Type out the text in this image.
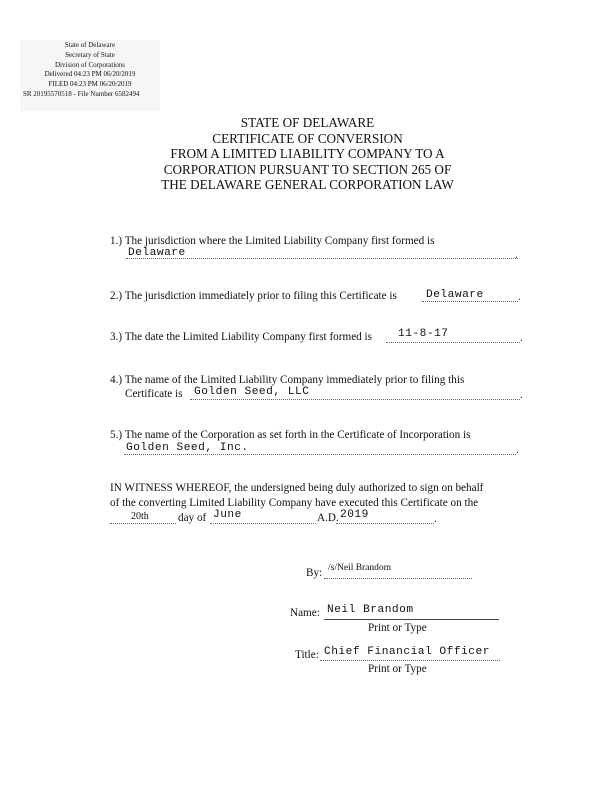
State of Delaware
Secretary of State
Division of Corporations
Delivered 04:23 PM 06/20/2019
FILED 04:23 PM 06/20/2019
SR 20195570518 - File Number 6582494
STATE OF DELAWARE
CERTIFICATE OF CONVERSION
FROM A LIMITED LIABILITY COMPANY TO A
CORPORATION PURSUANT TO SECTION 265 OF
THE DELAWARE GENERAL CORPORATION LAW
1.) The jurisdiction where the Limited Liability Company first formed is
Delaware	.
2.) The jurisdiction immediately prior to filing this Certificate is	Delaware	.
3.) The date the Limited Liability Company first formed is 11-8-17	.
4.) The name of the Limited Liability Company immediately prior to filing this
Certificate is Golden Seed, LLC	.
5.) The name of the Corporation as set forth in the Certificate of Incorporation is
Golden Seed, Inc.	.
IN WITNESS WHEREOF, the undersigned being duly authorized to sign on behalf
of the converting Limited Liability Company have executed this Certificate on the
20th	day of June	A.D. 2019	.
By: /s/Neil Brandom
Name: Neil Brandom
Print or Type
Title: Chief Financial Officer
Print or Type
